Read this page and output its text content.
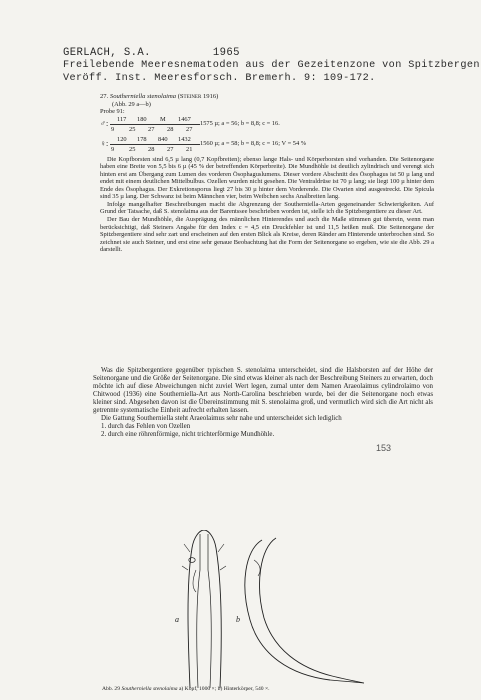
GERLACH, S.A.	1965
Freilebende Meeresnematoden aus der Gezeitenzone von Spitzbergen
Veröff. Inst. Meeresforsch. Bremerh. 9: 109-172.
27. Southerniella stenolaima (Steiner 1916)
(Abb. 29 a—b)
Probe 91:
♂: 117 180 M 1467
9 25 27 28 27
1575 µ; a = 56; b = 8,8; c = 16.
♀: 120 178 840 1432
9 25 28 27 21
1560 µ; a = 58; b = 8,8; c = 16; V = 54 %

Die Kopfborsten sind 6,5 µ lang (0,7 Kopfbreiten); ebenso lange Hals- und Körperborsten sind vorhanden. Die Seitenorgane haben eine Breite von 5,5 bis 6 µ (45 % der betreffenden Körperbreite). Die Mundhöhle ist deutlich zylindrisch und verengt sich hinten erst am Übergang zum Lumen des vorderen Ösophaguslumens. Dieser vordere Abschnitt des Ösophagus ist 50 µ lang und endet mit einem deutlichen Mittelbulbus. Ozellen wurden nicht gesehen. Die Ventraldrüse ist 70 µ lang; sie liegt 100 µ hinter dem Ende des Ösophagus. Der Exkretionsporus liegt 27 bis 30 µ hinter dem Vorderende. Die Ovarien sind ausgestreckt. Die Spicula sind 35 µ lang. Der Schwanz ist beim Männchen vier, beim Weibchen sechs Analbreiten lang.

Infolge mangelhafter Beschreibungen macht die Abgrenzung der Southerniella-Arten gegeneinander Schwierigkeiten. Auf Grund der Tatsache, daß S. stenolaima aus der Barentssee beschrieben worden ist, stelle ich die Spitzbergentiere zu dieser Art.

Der Bau der Mundhöhle, die Ausprägung des männlichen Hinterendes und auch die Maße stimmen gut überein, wenn man berücksichtigt, daß Steiners Angabe für den Index c = 4,5 ein Druckfehler ist und 11,5 heißen muß. Die Seitenorgane der Spitzbergentiere sind sehr zart und erscheinen auf den ersten Blick als Kreise, deren Ränder am Hinterende unterbrochen sind. So zeichnet sie auch Steiner, und erst eine sehr genaue Beobachtung hat die Form der Seitenorgane so ergeben, wie sie die Abb. 29 a darstellt.

Was die Spitzbergentiere gegenüber typischen S. stenolaima unterscheidet, sind die Halsborsten auf der Höhe der Seitenorgane und die Größe der Seitenorgane. Die sind etwas kleiner als nach der Beschreibung Steiners zu erwarten, doch möchte ich auf diese Abweichungen nicht zuviel Wert legen, zumal unter dem Namen Araeolaimus cylindrolaimo von Chitwood (1936) eine Southerniella-Art aus North-Carolina beschrieben wurde, bei der die Seitenorgane noch etwas kleiner sind. Abgesehen davon ist die Übereinstimmung mit S. stenolaima groß, und vermutlich wird sich die Art nicht als getrennte systematische Einheit aufrecht erhalten lassen.

Die Gattung Southerniella steht Araeolaimus sehr nahe und unterscheidet sich lediglich

1. durch das Fehlen von Ozellen

2. durch eine röhrenförmige, nicht trichterförmige Mundhöhle.

153
a	b
Abb. 29 Southerniella stenolaima a) Kopf, 1000 ×; b) Hinterkörper, 540 ×.
